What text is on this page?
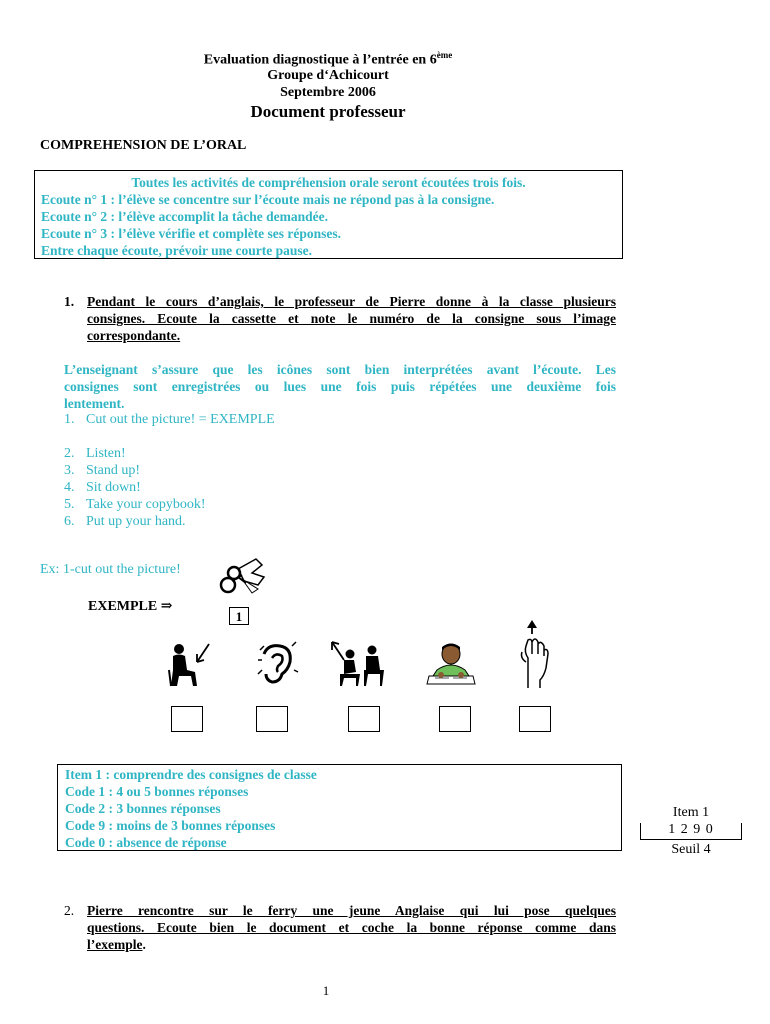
Evaluation diagnostique à l’entrée en 6ème
Groupe d‘Achicourt
Septembre 2006
Document professeur
COMPREHENSION DE L’ORAL
Toutes les activités de compréhension orale seront écoutées trois fois.
Ecoute n° 1 : l’élève se concentre sur l’écoute mais ne répond pas à la consigne.
Ecoute n° 2 : l’élève accomplit la tâche demandée.
Ecoute n° 3 : l’élève vérifie et complète ses réponses.
Entre chaque écoute, prévoir une courte pause.
1. Pendant le cours d’anglais, le professeur de Pierre donne à la classe plusieurs
consignes. Ecoute la cassette et note le numéro de la consigne sous l’image
correspondante.
L’enseignant s’assure que les icônes sont bien interprétées avant l’écoute. Les
consignes sont enregistrées ou lues une fois puis répétées une deuxième fois
lentement.
1. Cut out the picture! = EXEMPLE
2. Listen!
3. Stand up!
4. Sit down!
5. Take your copybook!
6. Put up your hand.
Ex: 1-cut out the picture!
EXEMPLE ⇒
1
Item 1 : comprendre des consignes de classe
Code 1 : 4 ou 5 bonnes réponses
Code 2 : 3 bonnes réponses
Code 9 : moins de 3 bonnes réponses
Code 0 : absence de réponse
Item 1
1 2 9 0
Seuil 4
2. Pierre rencontre sur le ferry une jeune Anglaise qui lui pose quelques
questions. Ecoute bien le document et coche la bonne réponse comme dans
l’exemple.
1
